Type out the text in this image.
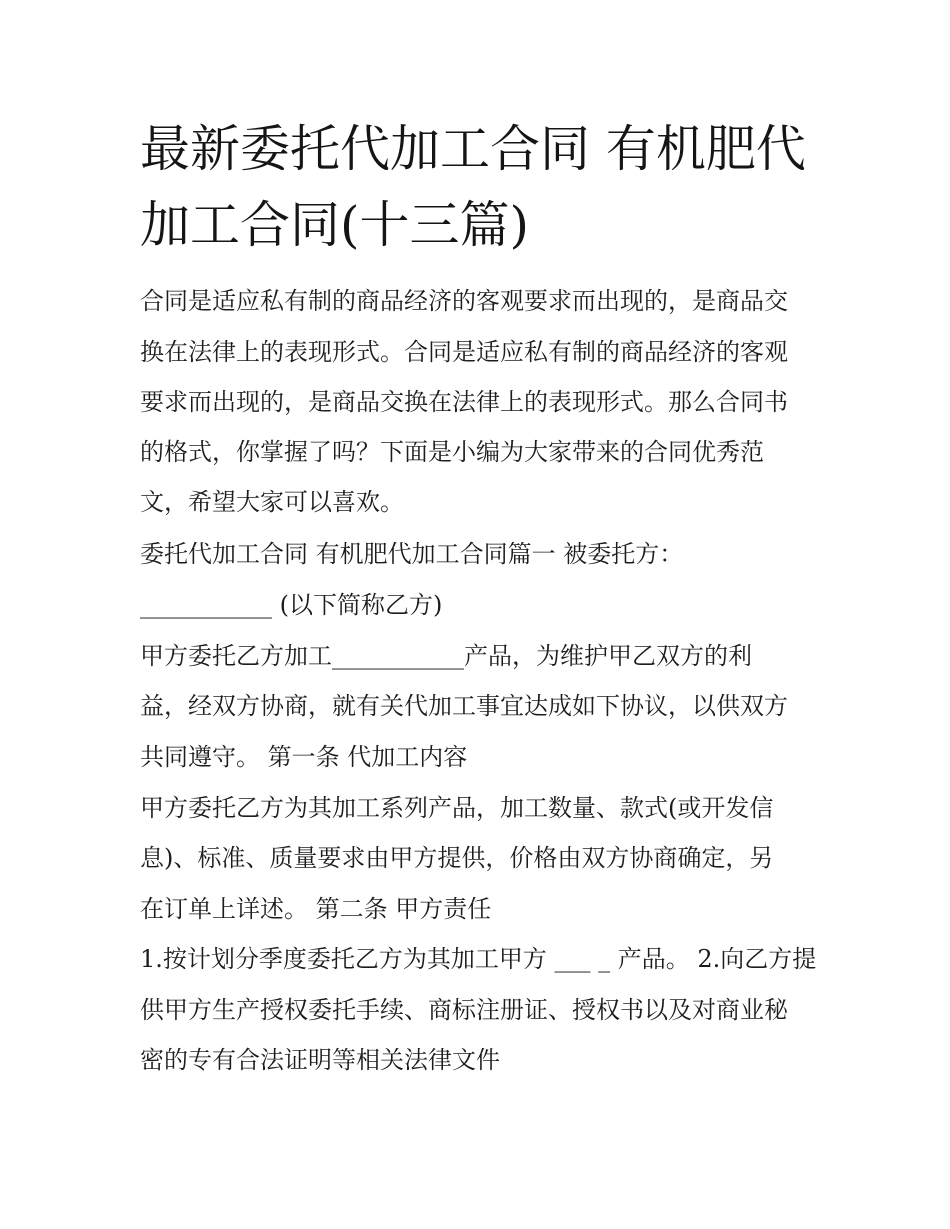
最新委托代加工合同 有机肥代
加工合同(十三篇)

合同是适应私有制的商品经济的客观要求而出现的，是商品交

换在法律上的表现形式。合同是适应私有制的商品经济的客观

要求而出现的，是商品交换在法律上的表现形式。那么合同书

的格式，你掌握了吗？下面是小编为大家带来的合同优秀范

文，希望大家可以喜欢。

委托代加工合同 有机肥代加工合同篇一 被委托方：

___________ (以下简称乙方)

甲方委托乙方加工___________产品，为维护甲乙双方的利

益，经双方协商，就有关代加工事宜达成如下协议，以供双方

共同遵守。 第一条 代加工内容

甲方委托乙方为其加工系列产品，加工数量、款式(或开发信

息)、标准、质量要求由甲方提供，价格由双方协商确定，另

在订单上详述。 第二条 甲方责任

1.按计划分季度委托乙方为其加工甲方 ___ _ 产品。 2.向乙方提

供甲方生产授权委托手续、商标注册证、授权书以及对商业秘

密的专有合法证明等相关法律文件
